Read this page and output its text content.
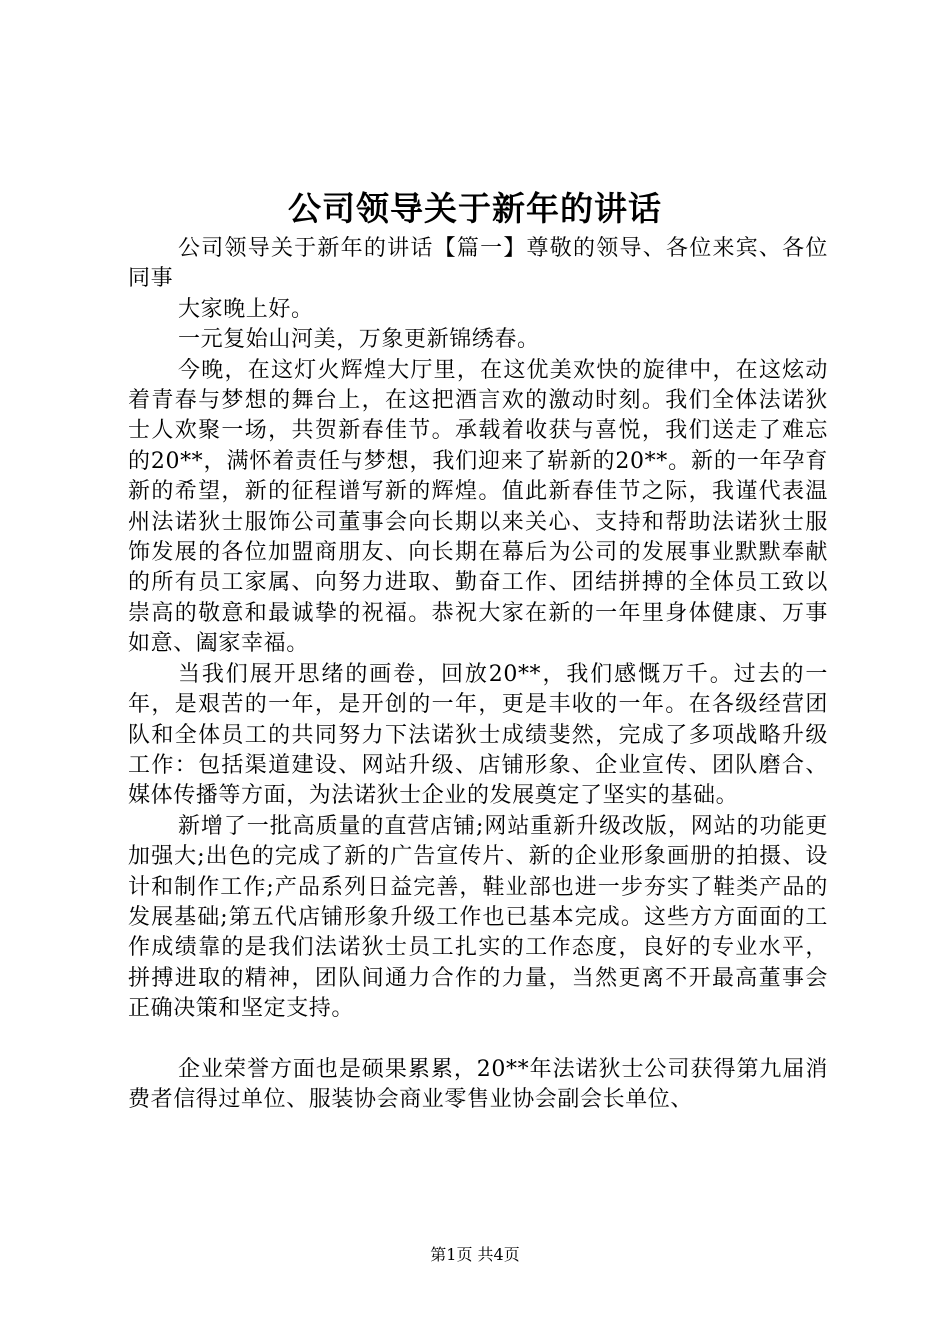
公司领导关于新年的讲话

公司领导关于新年的讲话【篇一】尊敬的领导、各位来宾、各位同事

大家晚上好。

一元复始山河美，万象更新锦绣春。

今晚，在这灯火辉煌大厅里，在这优美欢快的旋律中，在这炫动着青春与梦想的舞台上，在这把酒言欢的激动时刻。我们全体法诺狄士人欢聚一场，共贺新春佳节。承载着收获与喜悦，我们送走了难忘的20**，满怀着责任与梦想，我们迎来了崭新的20**。新的一年孕育新的希望，新的征程谱写新的辉煌。值此新春佳节之际，我谨代表温州法诺狄士服饰公司董事会向长期以来关心、支持和帮助法诺狄士服饰发展的各位加盟商朋友、向长期在幕后为公司的发展事业默默奉献的所有员工家属、向努力进取、勤奋工作、团结拼搏的全体员工致以崇高的敬意和最诚挚的祝福。恭祝大家在新的一年里身体健康、万事如意、阖家幸福。

当我们展开思绪的画卷，回放20**，我们感慨万千。过去的一年，是艰苦的一年，是开创的一年，更是丰收的一年。在各级经营团队和全体员工的共同努力下法诺狄士成绩斐然，完成了多项战略升级工作：包括渠道建设、网站升级、店铺形象、企业宣传、团队磨合、媒体传播等方面，为法诺狄士企业的发展奠定了坚实的基础。

新增了一批高质量的直营店铺;网站重新升级改版，网站的功能更加强大;出色的完成了新的广告宣传片、新的企业形象画册的拍摄、设计和制作工作;产品系列日益完善，鞋业部也进一步夯实了鞋类产品的发展基础;第五代店铺形象升级工作也已基本完成。这些方方面面的工作成绩靠的是我们法诺狄士员工扎实的工作态度，良好的专业水平，拼搏进取的精神，团队间通力合作的力量，当然更离不开最高董事会正确决策和坚定支持。

企业荣誉方面也是硕果累累，20**年法诺狄士公司获得第九届消费者信得过单位、服装协会商业零售业协会副会长单位、

第1页 共4页
